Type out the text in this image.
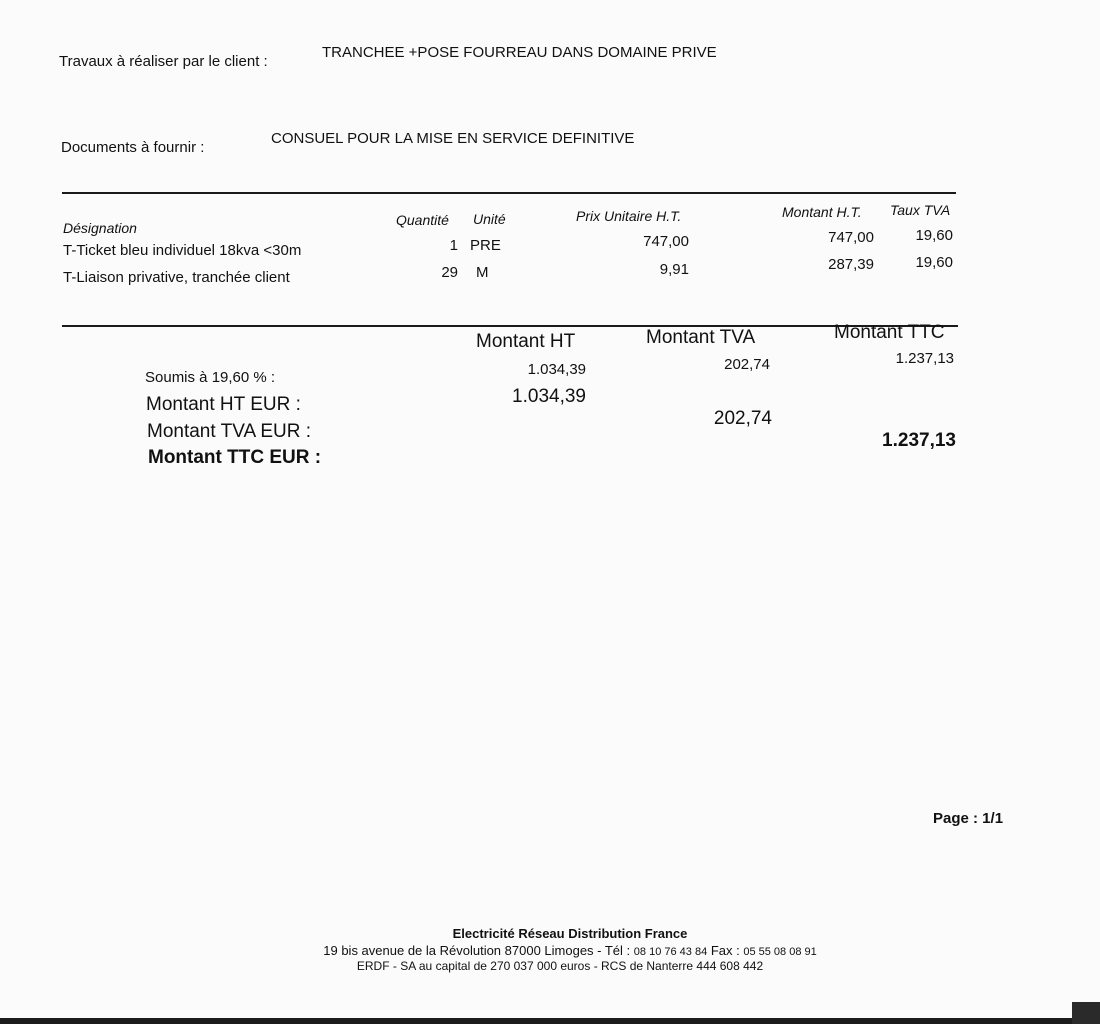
Travaux à réaliser par le client :
TRANCHEE +POSE FOURREAU DANS DOMAINE PRIVE
Documents à fournir :
CONSUEL POUR LA MISE EN SERVICE DEFINITIVE
Désignation	Quantité Unité	Prix Unitaire H.T.	Montant H.T. Taux TVA
T-Ticket bleu individuel 18kva <30m	1 PRE	747,00	747,00	19,60
T-Liaison privative, tranchée client	29 M	9,91	287,39	19,60
Montant HT	Montant TVA	Montant TTC
Soumis à 19,60 % :	1.034,39	202,74	1.237,13
Montant HT EUR :	1.034,39
Montant TVA EUR :
202,74
Montant TTC EUR :
1.237,13
Page : 1/1
Electricité Réseau Distribution France
19 bis avenue de la Révolution 87000 Limoges - Tél : 08 10 76 43 84 Fax : 05 55 08 08 91
ERDF - SA au capital de 270 037 000 euros - RCS de Nanterre 444 608 442
